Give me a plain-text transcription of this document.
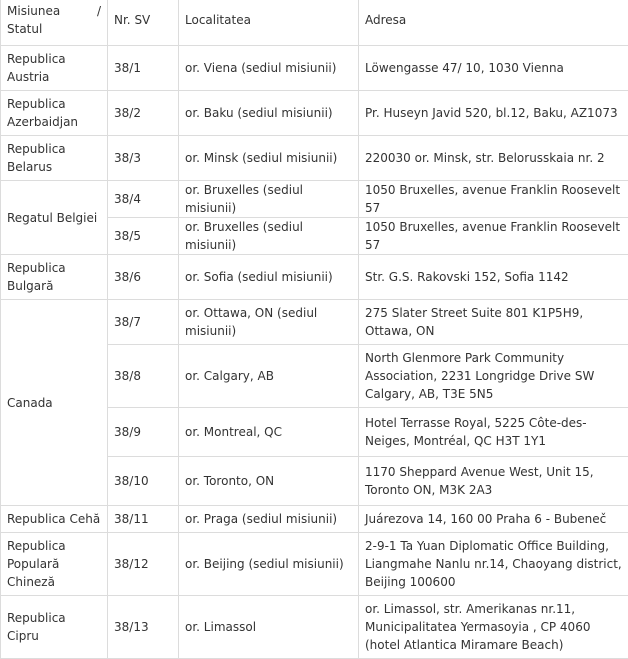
Misiunea /
Statul	Nr. SV	Localitatea	Adresa
Republica Austria	38/1	or. Viena (sediul misiunii)	Löwengasse 47/ 10, 1030 Vienna
Republica Azerbaidjan	38/2	or. Baku (sediul misiunii)	Pr. Huseyn Javid 520, bl.12, Baku, AZ1073
Republica Belarus	38/3	or. Minsk (sediul misiunii)	220030 or. Minsk, str. Belorusskaia nr. 2
Regatul Belgiei	38/4	or. Bruxelles (sediul misiunii)	1050 Bruxelles, avenue Franklin Roosevelt 57
	38/5	or. Bruxelles (sediul misiunii)	1050 Bruxelles, avenue Franklin Roosevelt 57
Republica Bulgară	38/6	or. Sofia (sediul misiunii)	Str. G.S. Rakovski 152, Sofia 1142
Canada	38/7	or. Ottawa, ON (sediul misiunii)	275 Slater Street Suite 801 K1P5H9, Ottawa, ON
	38/8	or. Calgary, AB	North Glenmore Park Community Association, 2231 Longridge Drive SW Calgary, AB, T3E 5N5
	38/9	or. Montreal, QC	Hotel Terrasse Royal, 5225 Côte-des-Neiges, Montréal, QC H3T 1Y1
	38/10	or. Toronto, ON	1170 Sheppard Avenue West, Unit 15, Toronto ON, M3K 2A3
Republica Cehă	38/11	or. Praga (sediul misiunii)	Juárezova 14, 160 00 Praha 6 - Bubeneč
Republica Populară Chineză	38/12	or. Beijing (sediul misiunii)	2-9-1 Ta Yuan Diplomatic Office Building, Liangmahe Nanlu nr.14, Chaoyang district, Beijing 100600
Republica Cipru	38/13	or. Limassol	or. Limassol, str. Amerikanas nr.11, Municipalitatea Yermasoyia , CP 4060 (hotel Atlantica Miramare Beach)
